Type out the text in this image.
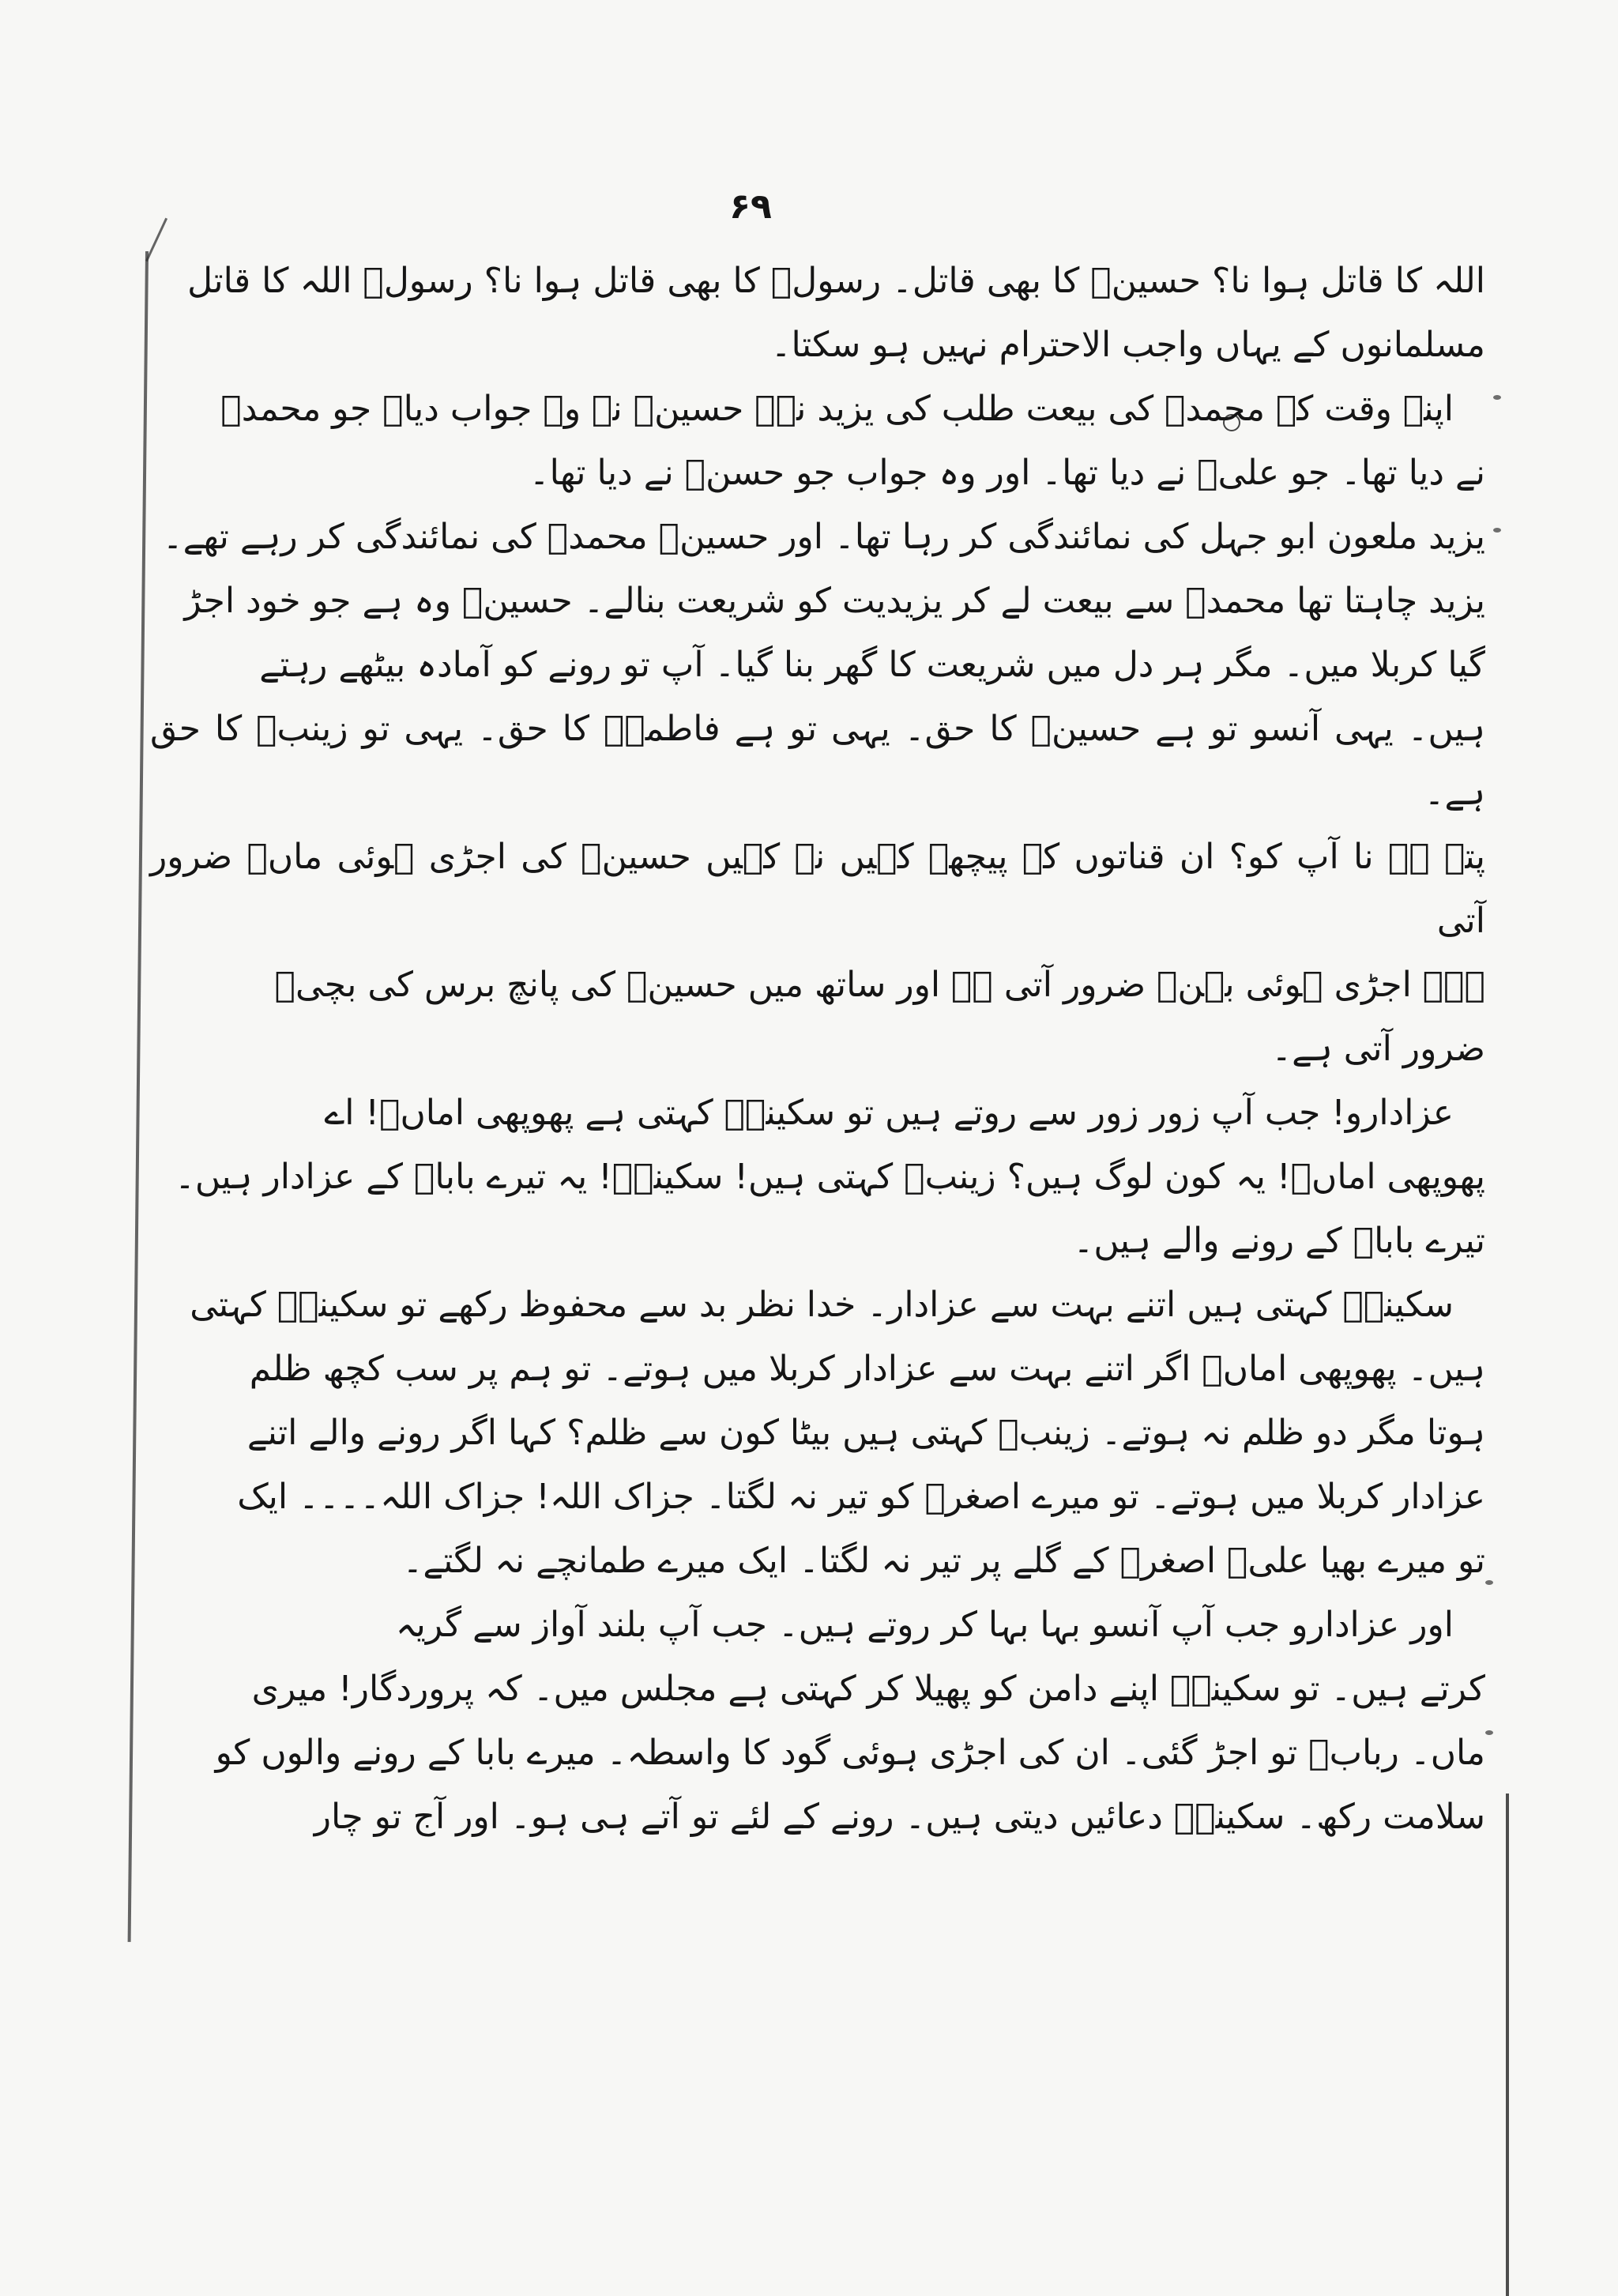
۶۹

اللہ کا قاتل ہوا نا؟ حسینؑ کا بھی قاتل۔ رسولؐ کا بھی قاتل ہوا نا؟ رسولؐ اللہ کا قاتل

مسلمانوں کے یہاں واجب الاحترام نہیں ہو سکتا۔

اپنے وقت کے محمدؐ کی بیعت طلب کی یزید نے۔ حسینؑ نے وہ جواب دیا۔ جو محمدؐ

نے دیا تھا۔ جو علیؑ نے دیا تھا۔ اور وہ جواب جو حسنؑ نے دیا تھا۔

یزید ملعون ابو جہل کی نمائندگی کر رہا تھا۔ اور حسینؑ محمدؐ کی نمائندگی کر رہے تھے۔

یزید چاہتا تھا محمدؐ سے بیعت لے کر یزیدیت کو شریعت بنالے۔ حسینؑ وہ ہے جو خود اجڑ

گیا کربلا میں۔ مگر ہر دل میں شریعت کا گھر بنا گیا۔ آپ تو رونے کو آمادہ بیٹھے رہتے

ہیں۔ یہی آنسو تو ہے حسینؑ کا حق۔ یہی تو ہے فاطمہؑ کا حق۔ یہی تو زینبؑ کا حق ہے۔

پتہ ہے نا آپ کو؟ ان قناتوں کے پیچھے کہیں نہ کہیں حسینؑ کی اجڑی ہوئی ماںؑ ضرور آتی

ہے۔ اجڑی ہوئی بہنؑ ضرور آتی ہے اور ساتھ میں حسینؑ کی پانچ برس کی بچیؑ

ضرور آتی ہے۔

عزادارو! جب آپ زور زور سے روتے ہیں تو سکینہؑ کہتی ہے پھوپھی اماںؑ! اے

پھوپھی اماںؑ! یہ کون لوگ ہیں؟ زینبؑ کہتی ہیں! سکینہؑ! یہ تیرے باباؑ کے عزادار ہیں۔

تیرے باباؑ کے رونے والے ہیں۔

سکینہؑ کہتی ہیں اتنے بہت سے عزادار۔ خدا نظر بد سے محفوظ رکھے تو سکینہؑ کہتی

ہیں۔ پھوپھی اماںؑ اگر اتنے بہت سے عزادار کربلا میں ہوتے۔ تو ہم پر سب کچھ ظلم

ہوتا مگر دو ظلم نہ ہوتے۔ زینبؑ کہتی ہیں بیٹا کون سے ظلم؟ کہا اگر رونے والے اتنے

عزادار کربلا میں ہوتے۔ تو میرے اصغرؑ کو تیر نہ لگتا۔ جزاک اللہ! جزاک اللہ۔۔۔۔ ایک

تو میرے بھیا علیؑ اصغرؑ کے گلے پر تیر نہ لگتا۔ ایک میرے طمانچے نہ لگتے۔

اور عزادارو جب آپ آنسو بہا بہا کر روتے ہیں۔ جب آپ بلند آواز سے گریہ

کرتے ہیں۔ تو سکینہؑ اپنے دامن کو پھیلا کر کہتی ہے مجلس میں۔ کہ پروردگار! میری

ماں۔ ربابؑ تو اجڑ گئی۔ ان کی اجڑی ہوئی گود کا واسطہ۔ میرے بابا کے رونے والوں کو

سلامت رکھ۔ سکینہؑ دعائیں دیتی ہیں۔ رونے کے لئے تو آتے ہی ہو۔ اور آج تو چار
